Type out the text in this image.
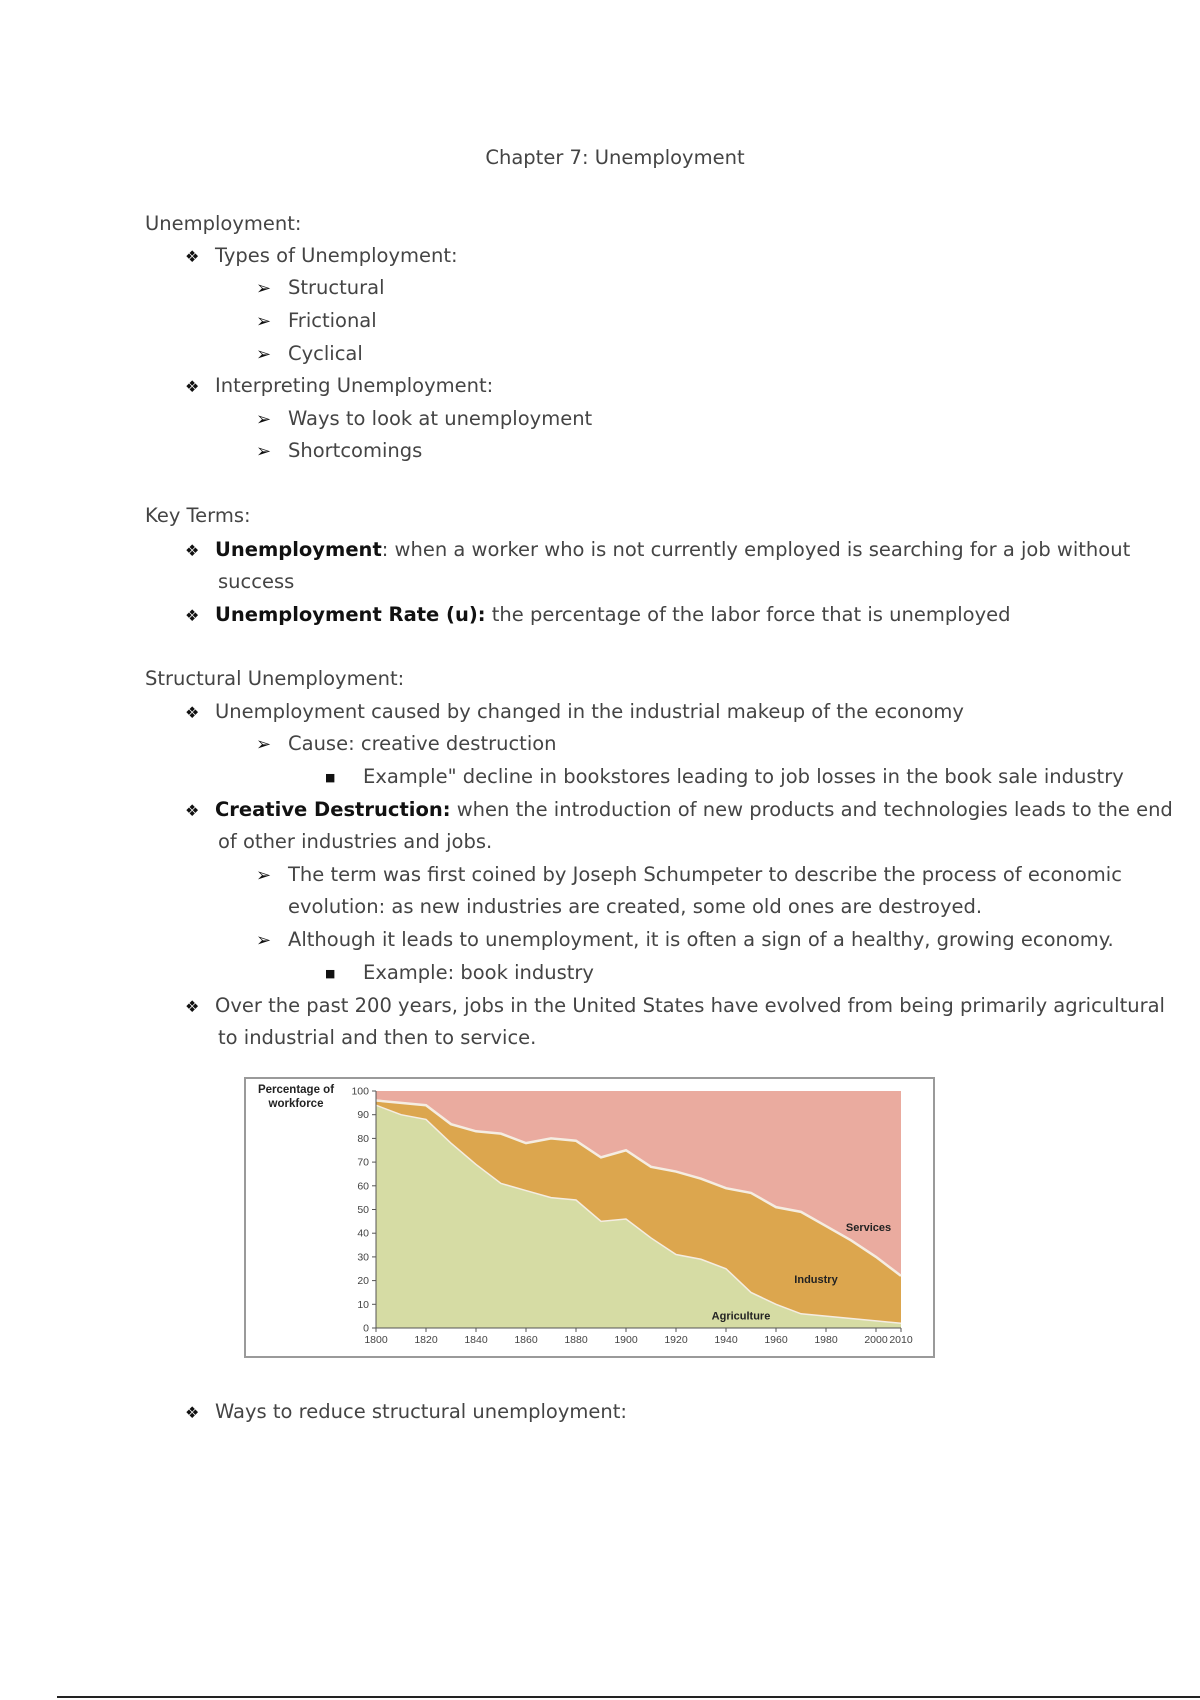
Chapter 7: Unemployment
Unemployment:
❖ Types of Unemployment:
➢ Structural
➢ Frictional
➢ Cyclical
❖ Interpreting Unemployment:
➢ Ways to look at unemployment
➢ Shortcomings
Key Terms:
❖ Unemployment: when a worker who is not currently employed is searching for a job without
success
❖ Unemployment Rate (u): the percentage of the labor force that is unemployed
Structural Unemployment:
❖ Unemployment caused by changed in the industrial makeup of the economy
➢ Cause: creative destruction
■ Example" decline in bookstores leading to job losses in the book sale industry
❖ Creative Destruction: when the introduction of new products and technologies leads to the end
of other industries and jobs.
➢ The term was first coined by Joseph Schumpeter to describe the process of economic
evolution: as new industries are created, some old ones are destroyed.
➢ Although it leads to unemployment, it is often a sign of a healthy, growing economy.
■ Example: book industry
❖ Over the past 200 years, jobs in the United States have evolved from being primarily agricultural
to industrial and then to service.
Percentage of workforce
0
10
20
30
40
50
60
70
80
90
100
1800	1820	1840	1860	1880	1900	1920	1940	1960	1980	2000 2010
Services
Industry
Agriculture
❖ Ways to reduce structural unemployment:
